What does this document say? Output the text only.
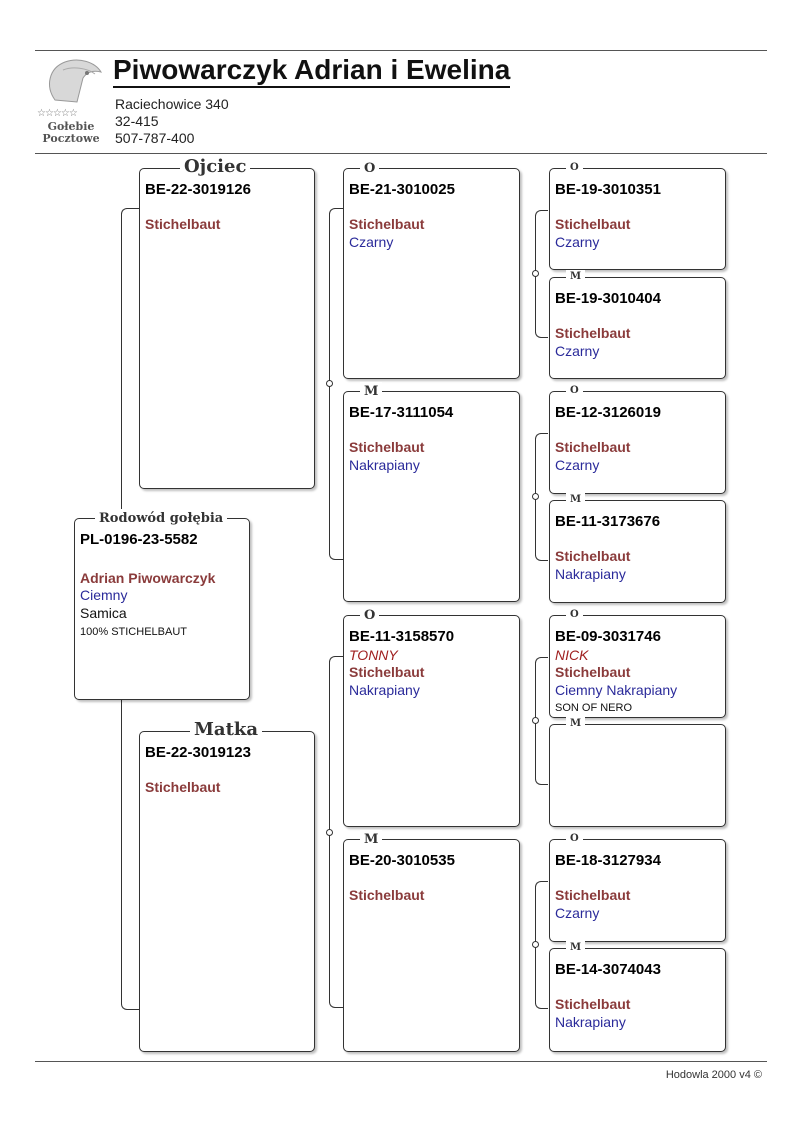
☆☆☆☆☆
Gołebie
Pocztowe
Piwowarczyk Adrian i Ewelina
Raciechowice 340
32-415
507-787-400
Rodowód gołębia
PL-0196-23-5582
Adrian Piwowarczyk
Ciemny
Samica
100% STICHELBAUT
Ojciec
BE-22-3019126
Stichelbaut
Matka
BE-22-3019123
Stichelbaut
O
BE-21-3010025
Stichelbaut
Czarny
M
BE-17-3111054
Stichelbaut
Nakrapiany
O
BE-11-3158570
TONNY
Stichelbaut
Nakrapiany
M
BE-20-3010535
Stichelbaut
O
BE-19-3010351
Stichelbaut
Czarny
M
BE-19-3010404
Stichelbaut
Czarny
O
BE-12-3126019
Stichelbaut
Czarny
M
BE-11-3173676
Stichelbaut
Nakrapiany
O
BE-09-3031746
NICK
Stichelbaut
Ciemny Nakrapiany
SON OF NERO
M
O
BE-18-3127934
Stichelbaut
Czarny
M
BE-14-3074043
Stichelbaut
Nakrapiany
Hodowla 2000 v4 ©
